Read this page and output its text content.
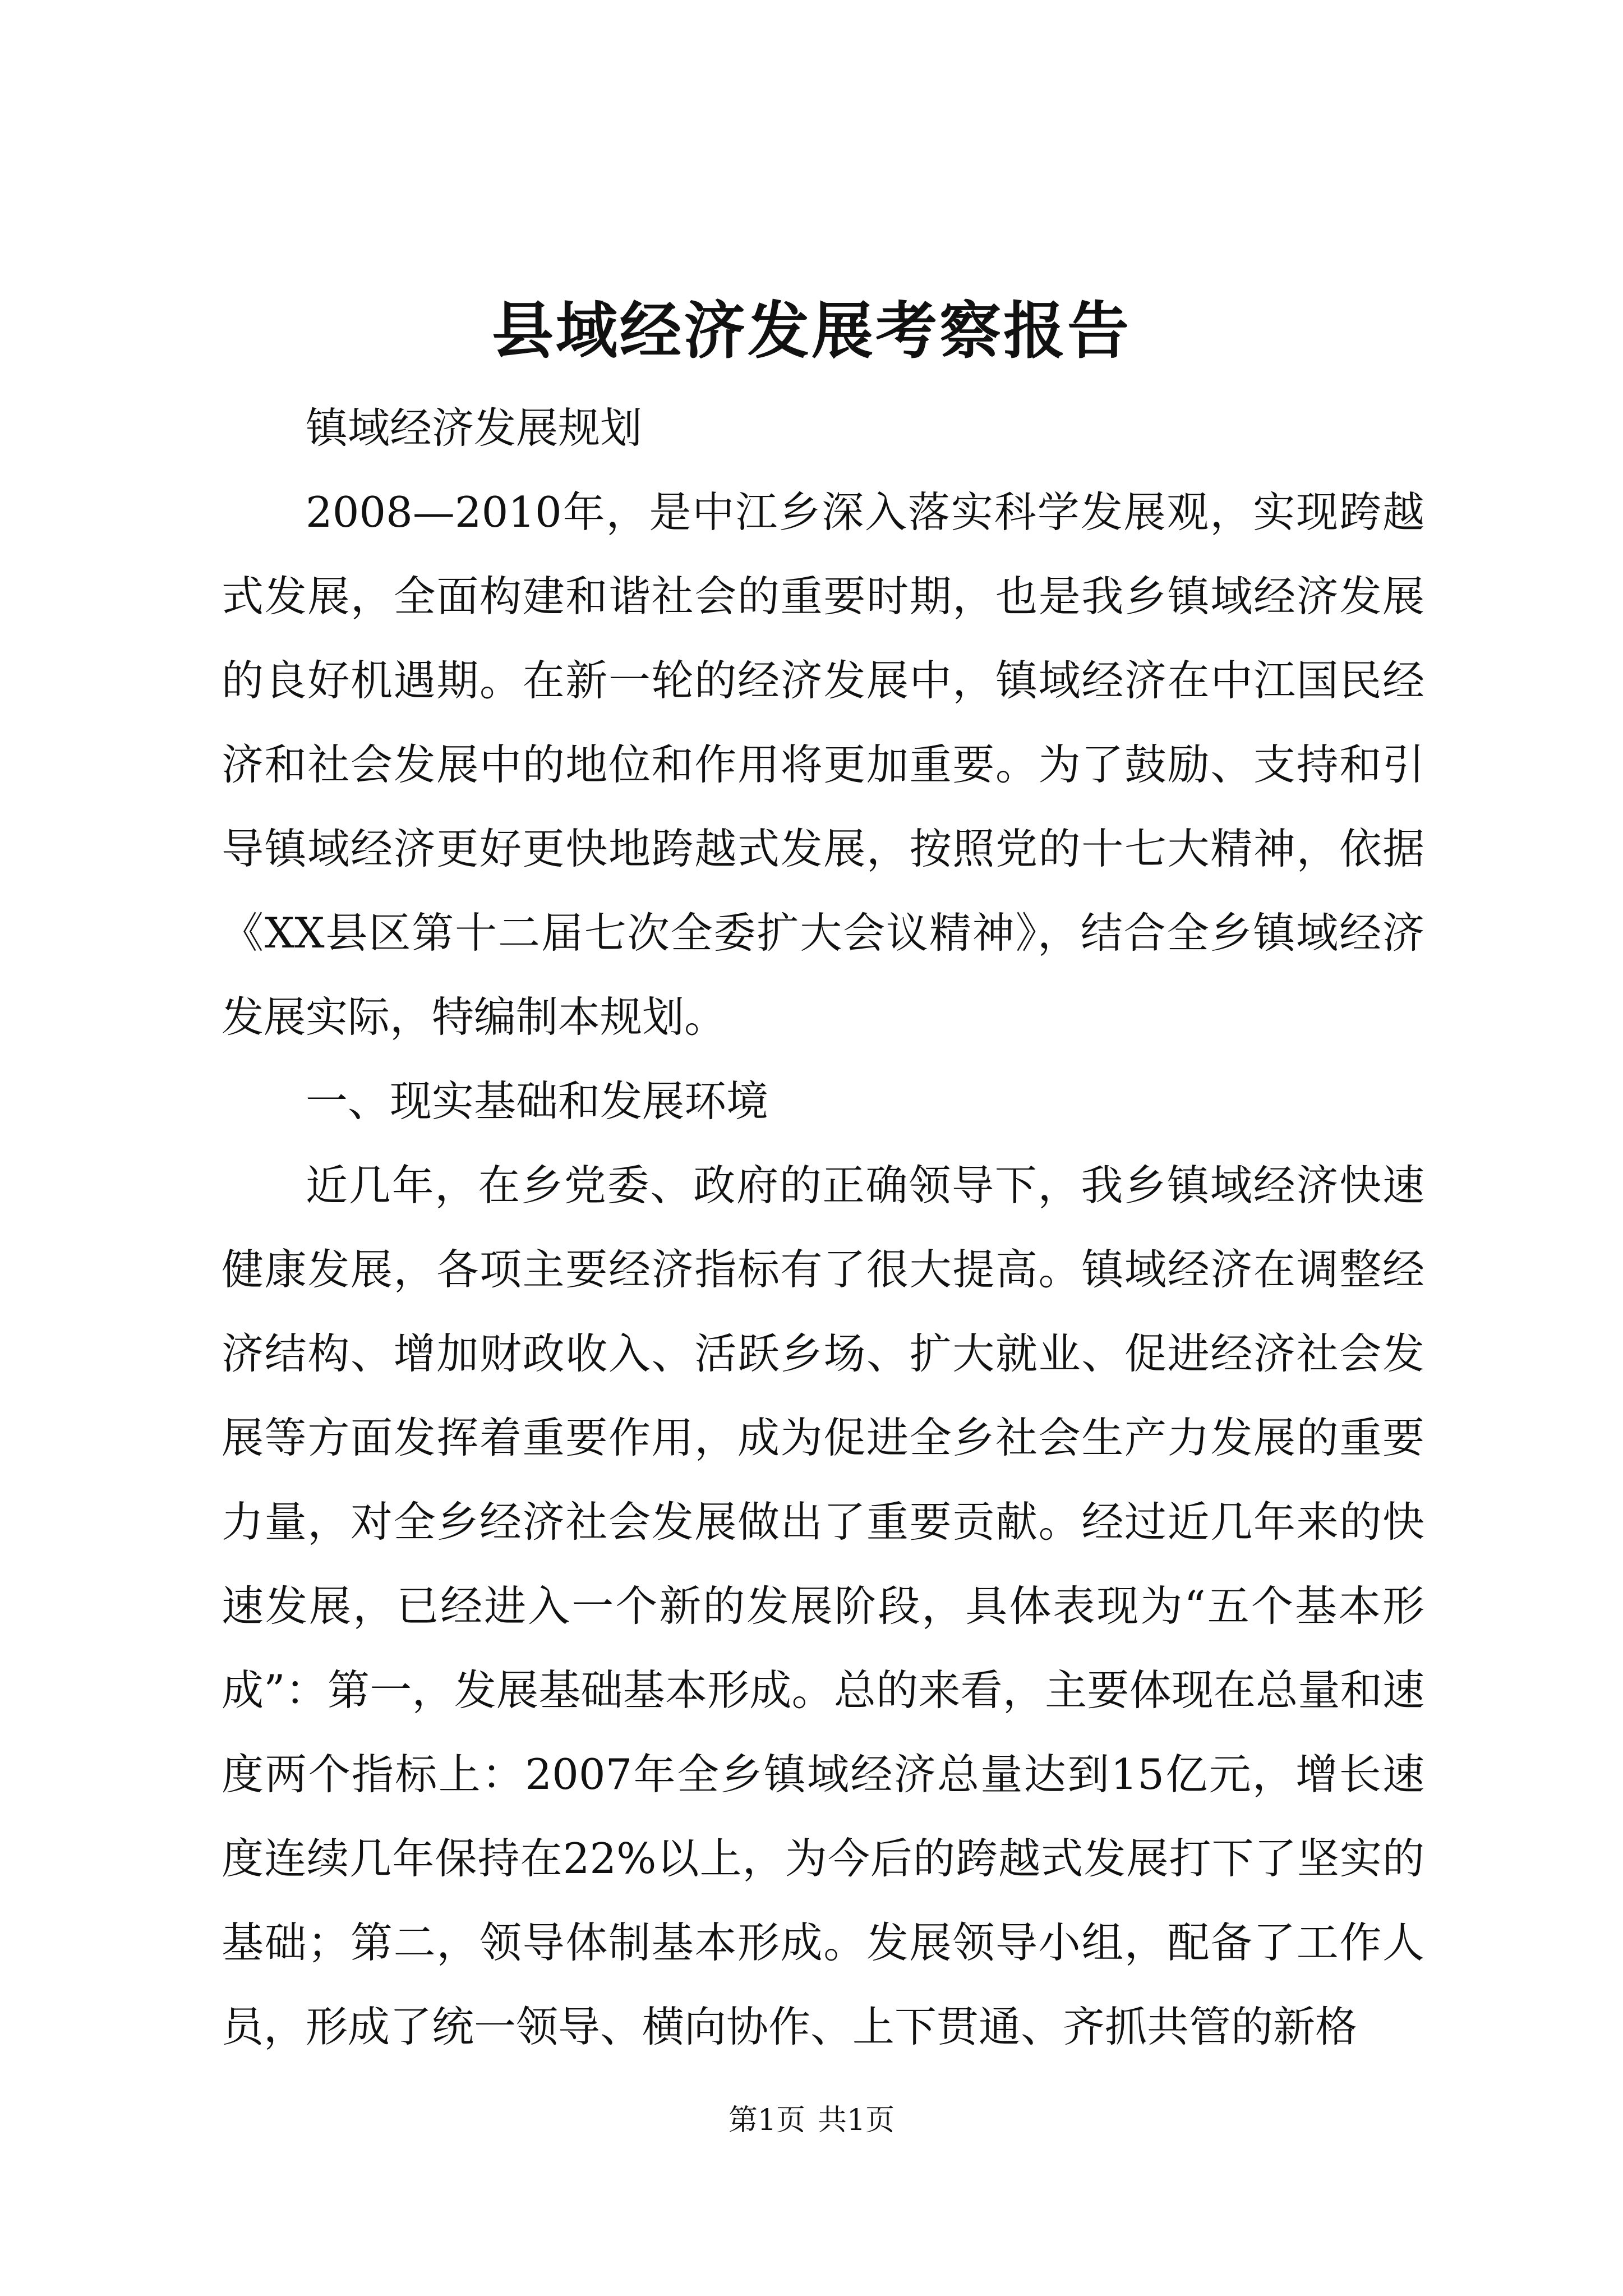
县域经济发展考察报告

镇域经济发展规划

2008—2010年，是中江乡深入落实科学发展观，实现跨越式发展，全面构建和谐社会的重要时期，也是我乡镇域经济发展的良好机遇期。在新一轮的经济发展中，镇域经济在中江国民经济和社会发展中的地位和作用将更加重要。为了鼓励、支持和引导镇域经济更好更快地跨越式发展，按照党的十七大精神，依据《XX县区第十二届七次全委扩大会议精神》，结合全乡镇域经济发展实际，特编制本规划。

一、现实基础和发展环境

近几年，在乡党委、政府的正确领导下，我乡镇域经济快速健康发展，各项主要经济指标有了很大提高。镇域经济在调整经济结构、增加财政收入、活跃乡场、扩大就业、促进经济社会发展等方面发挥着重要作用，成为促进全乡社会生产力发展的重要力量，对全乡经济社会发展做出了重要贡献。经过近几年来的快速发展，已经进入一个新的发展阶段，具体表现为“五个基本形成”：第一，发展基础基本形成。总的来看，主要体现在总量和速度两个指标上：2007年全乡镇域经济总量达到15亿元，增长速度连续几年保持在22%以上，为今后的跨越式发展打下了坚实的基础；第二，领导体制基本形成。发展领导小组，配备了工作人员，形成了统一领导、横向协作、上下贯通、齐抓共管的新格

第1页 共1页
